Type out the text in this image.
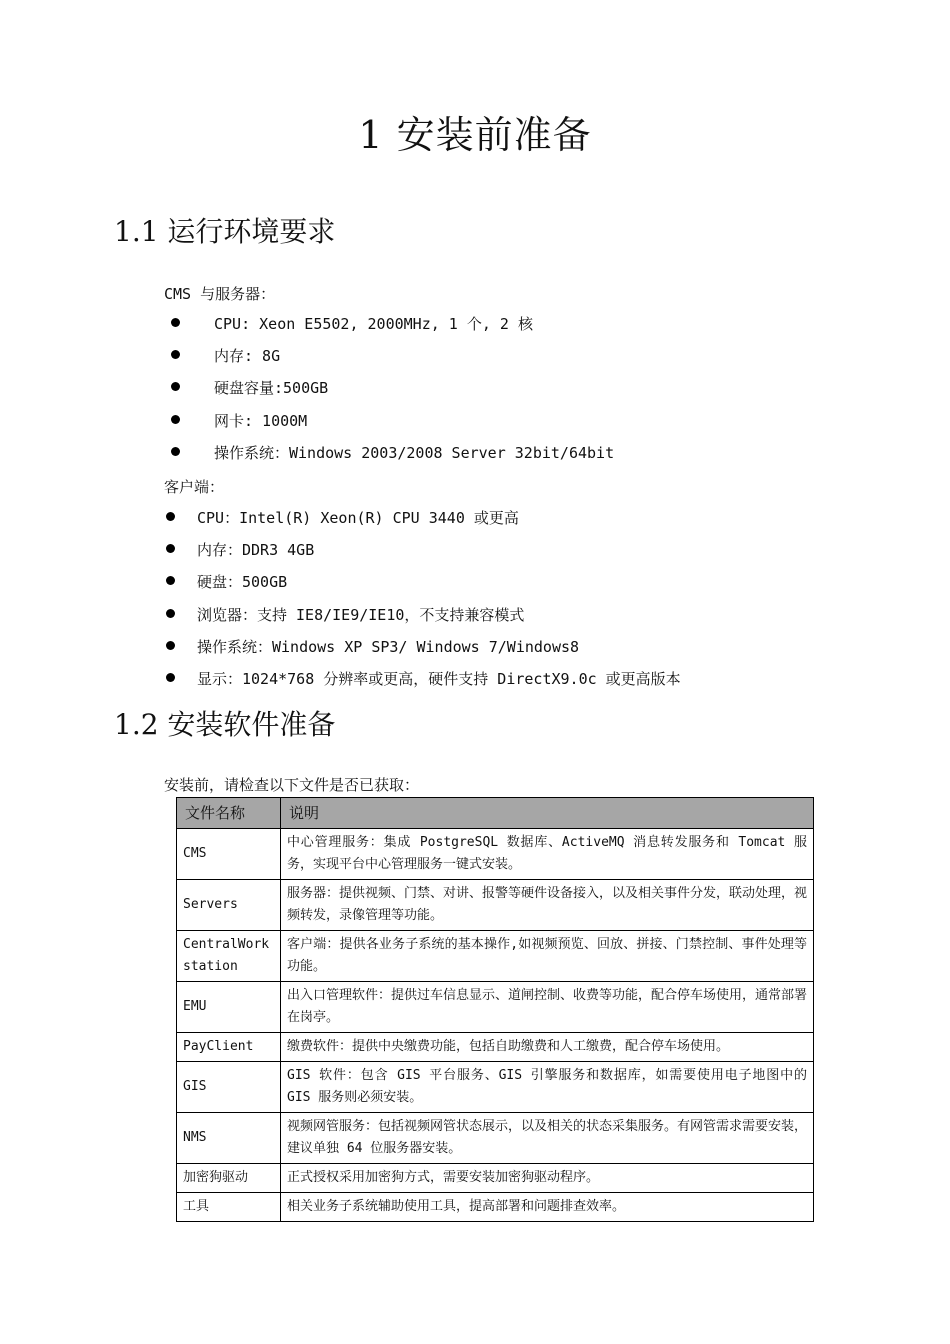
1 安装前准备
1.1 运行环境要求
CMS 与服务器：
CPU: Xeon E5502, 2000MHz, 1 个, 2 核
内存: 8G
硬盘容量:500GB
网卡: 1000M
操作系统：Windows 2003/2008 Server 32bit/64bit
客户端：
CPU：Intel(R) Xeon(R) CPU 3440 或更高
内存：DDR3 4GB
硬盘：500GB
浏览器：支持 IE8/IE9/IE10，不支持兼容模式
操作系统：Windows XP SP3/ Windows 7/Windows8
显示：1024*768 分辨率或更高，硬件支持 DirectX9.0c 或更高版本
1.2 安装软件准备
安装前，请检查以下文件是否已获取：
文件名称	说明
CMS	中心管理服务：集成 PostgreSQL 数据库、ActiveMQ 消息转发服务和 Tomcat 服务，实现平台中心管理服务一键式安装。
Servers	服务器：提供视频、门禁、对讲、报警等硬件设备接入，以及相关事件分发，联动处理，视频转发，录像管理等功能。
CentralWorkstation	客户端：提供各业务子系统的基本操作,如视频预览、回放、拼接、门禁控制、事件处理等功能。
EMU	出入口管理软件：提供过车信息显示、道闸控制、收费等功能，配合停车场使用，通常部署在岗亭。
PayClient	缴费软件：提供中央缴费功能，包括自助缴费和人工缴费，配合停车场使用。
GIS	GIS 软件：包含 GIS 平台服务、GIS 引擎服务和数据库，如需要使用电子地图中的 GIS 服务则必须安装。
NMS	视频网管服务：包括视频网管状态展示，以及相关的状态采集服务。有网管需求需要安装，建议单独 64 位服务器安装。
加密狗驱动	正式授权采用加密狗方式，需要安装加密狗驱动程序。
工具	相关业务子系统辅助使用工具，提高部署和问题排查效率。
